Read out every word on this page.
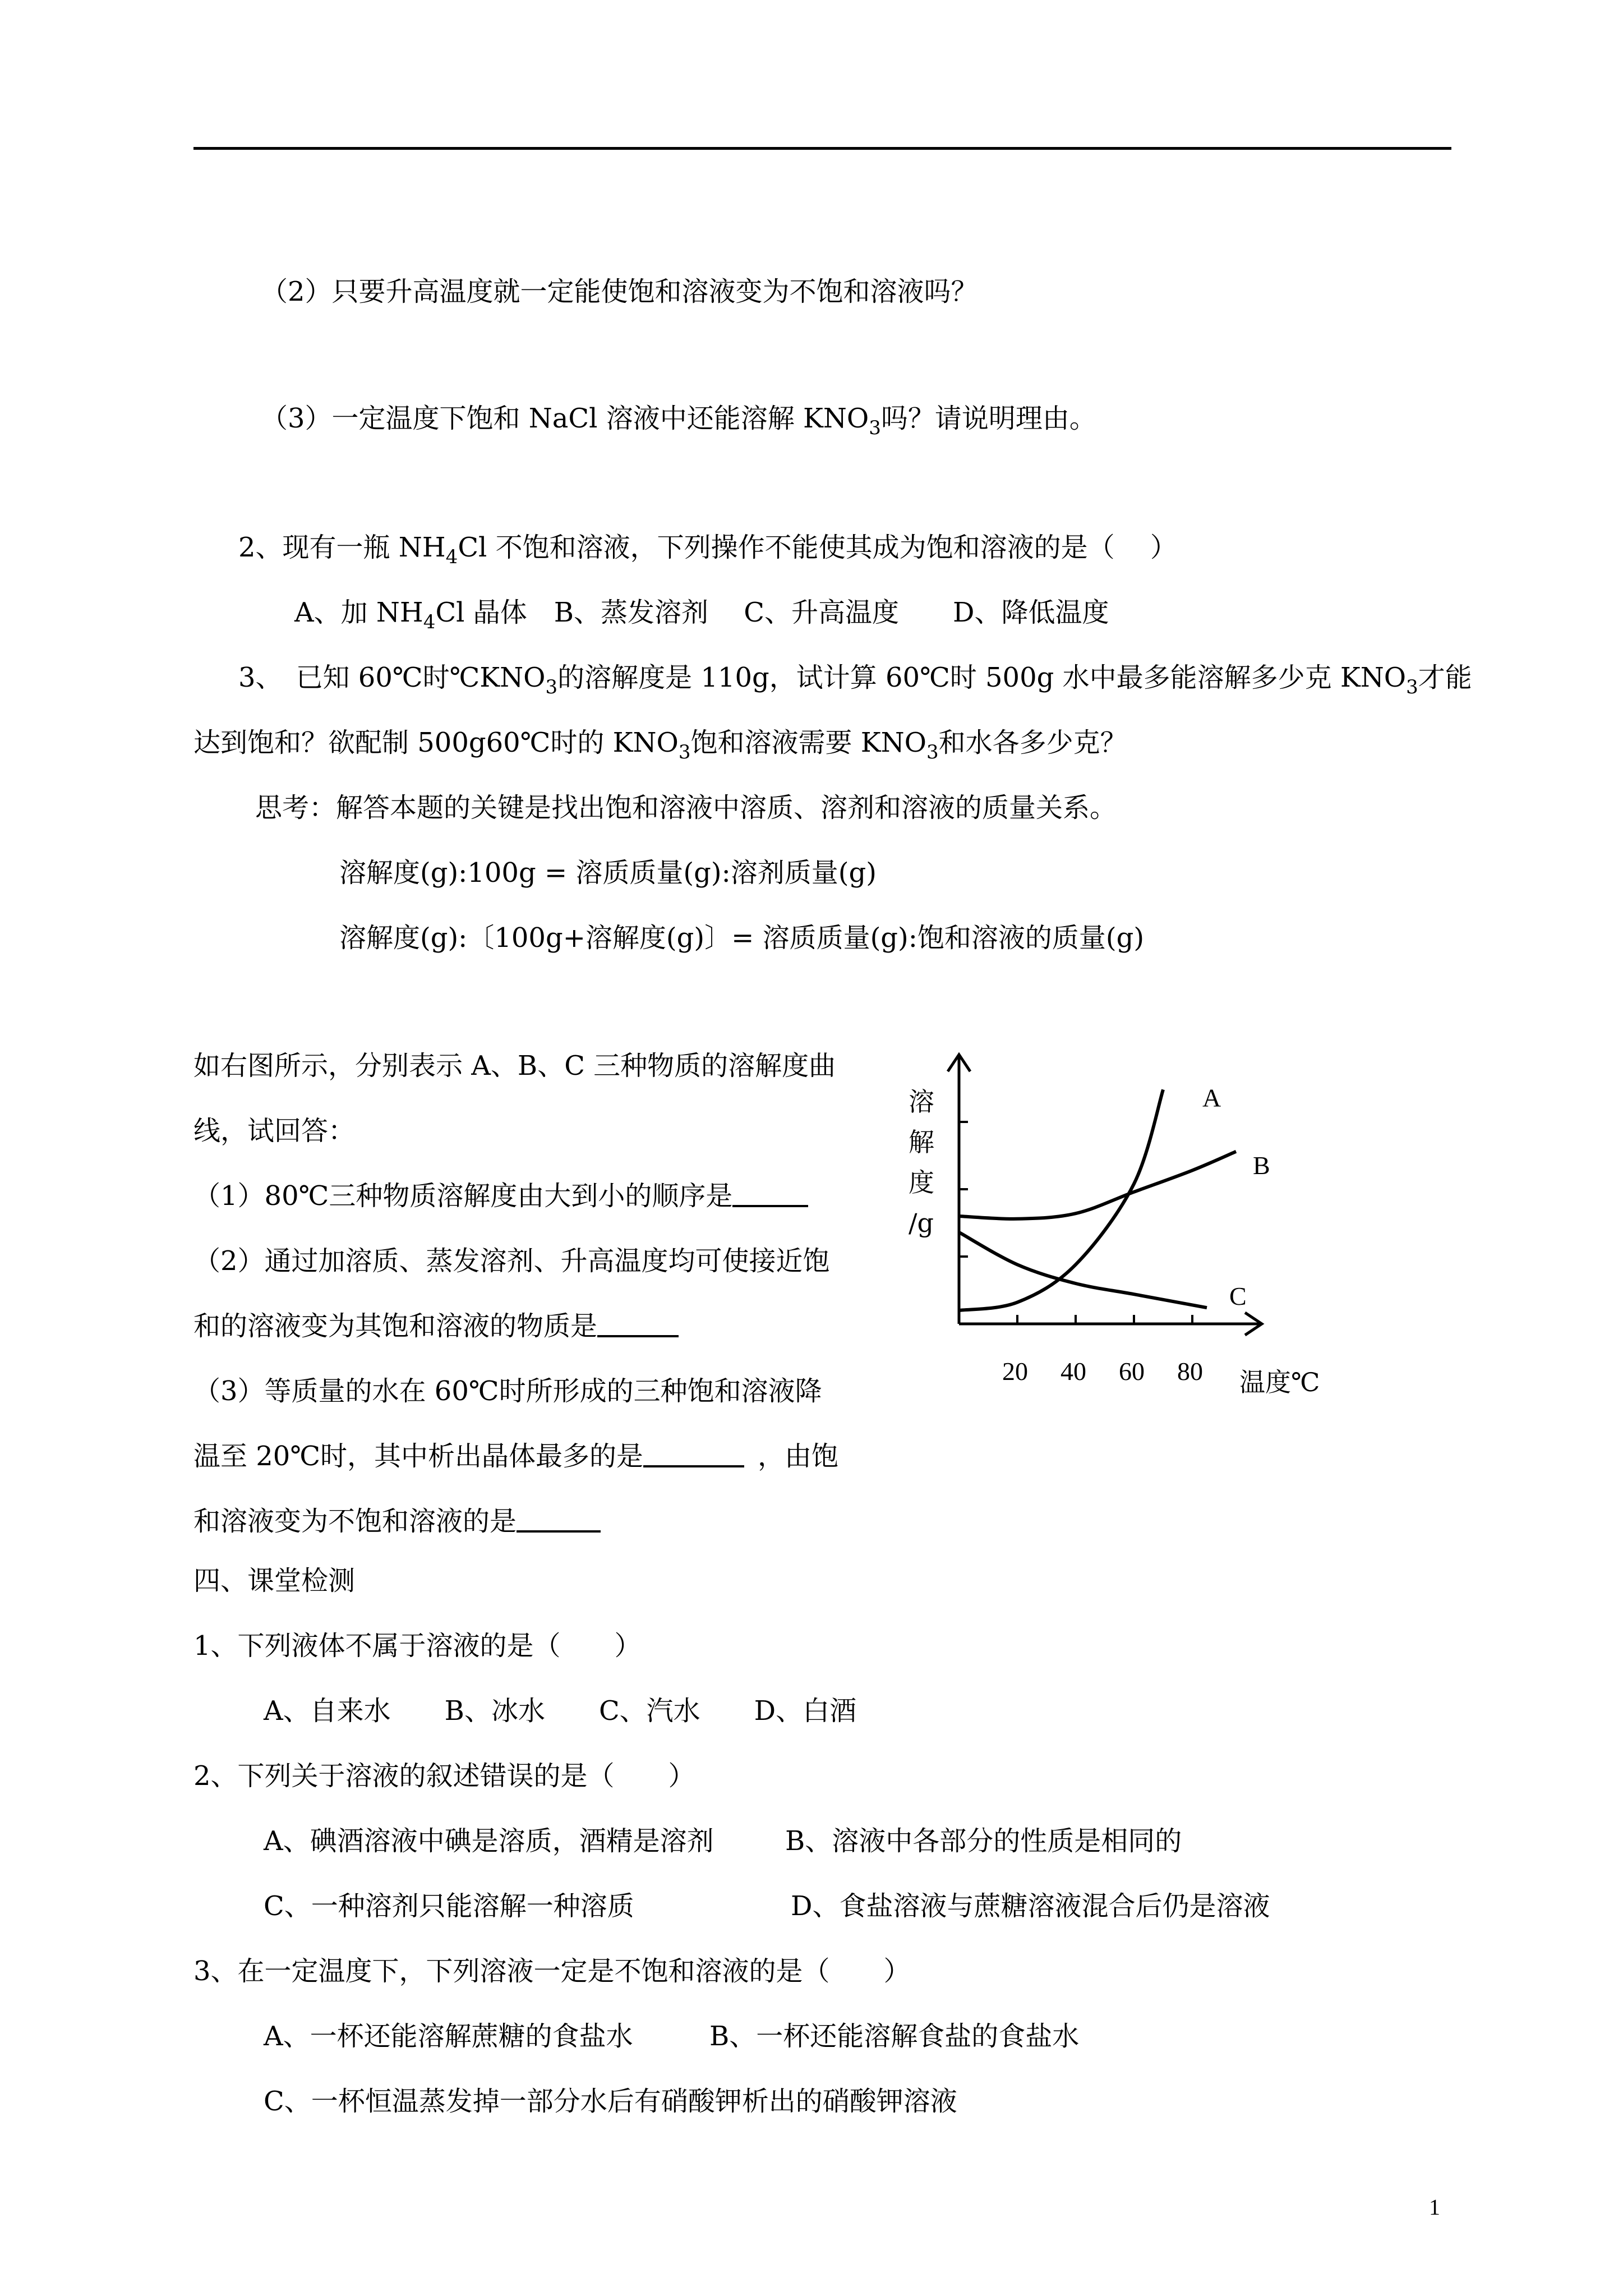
（2）只要升高温度就一定能使饱和溶液变为不饱和溶液吗？
（3）一定温度下饱和 NaCl 溶液中还能溶解 $KNO_3$吗？请说明理由。
2、现有一瓶 $NH_4Cl$ 不饱和溶液，下列操作不能使其成为饱和溶液的是（　 ）
A、加 $NH_4Cl$ 晶体　B、蒸发溶剂　 C、升高温度　　D、降低温度
3、　已知 60℃时$℃KNO_3$的溶解度是 110g，试计算 60℃时 500g 水中最多能溶解多少克 $KNO_3$才能
达到饱和？欲配制 500g60℃时的 $KNO_3$饱和溶液需要 $KNO_3$和水各多少克？
思考：解答本题的关键是找出饱和溶液中溶质、溶剂和溶液的质量关系。
溶解度(g):100g = 溶质质量(g):溶剂质量(g)
溶解度(g):〔100g+溶解度(g)〕= 溶质质量(g):饱和溶液的质量(g)
如右图所示，分别表示 A、B、C 三种物质的溶解度曲
线，试回答：
（1）80℃三种物质溶解度由大到小的顺序是
（2）通过加溶质、蒸发溶剂、升高温度均可使接近饱
和的溶液变为其饱和溶液的物质是
（3）等质量的水在 60℃时所形成的三种饱和溶液降
温至 20℃时，其中析出晶体最多的是	，由饱
和溶液变为不饱和溶液的是
A
B
C
20 40 60 80
溶
解
度
/g
温度℃
四、课堂检测
1、下列液体不属于溶液的是（　　）
A、自来水　　B、冰水　　C、汽水　　D、白酒
2、下列关于溶液的叙述错误的是（　　）
A、碘酒溶液中碘是溶质，酒精是溶剂	B、溶液中各部分的性质是相同的
C、一种溶剂只能溶解一种溶质	D、食盐溶液与蔗糖溶液混合后仍是溶液
3、在一定温度下，下列溶液一定是不饱和溶液的是（　　）
A、一杯还能溶解蔗糖的食盐水	B、一杯还能溶解食盐的食盐水
C、一杯恒温蒸发掉一部分水后有硝酸钾析出的硝酸钾溶液
1
